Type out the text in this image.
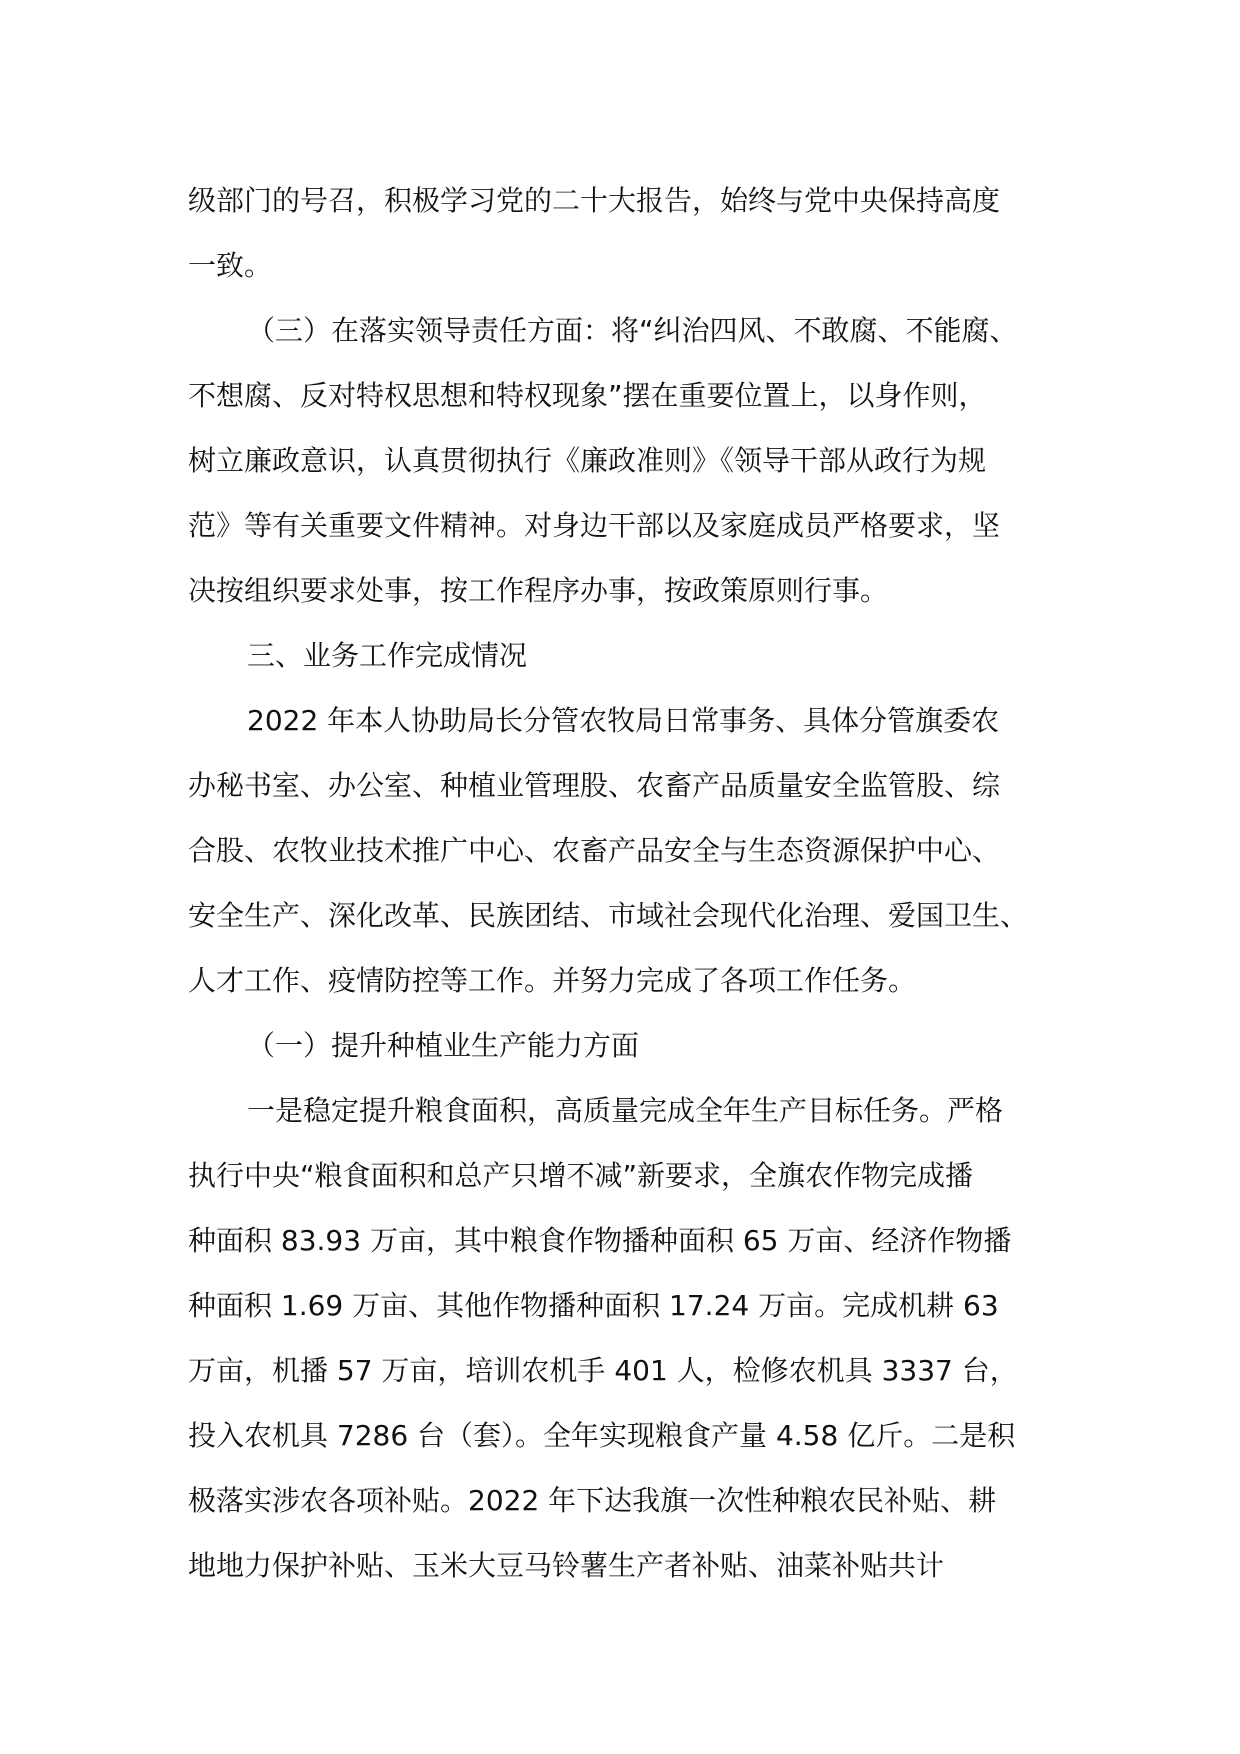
级部门的号召，积极学习党的二十大报告，始终与党中央保持高度
一致。
（三）在落实领导责任方面：将“纠治四风、不敢腐、不能腐、
不想腐、反对特权思想和特权现象”摆在重要位置上，以身作则，
树立廉政意识，认真贯彻执行《廉政准则》《领导干部从政行为规
范》等有关重要文件精神。对身边干部以及家庭成员严格要求，坚
决按组织要求处事，按工作程序办事，按政策原则行事。
三、业务工作完成情况
2022 年本人协助局长分管农牧局日常事务、具体分管旗委农
办秘书室、办公室、种植业管理股、农畜产品质量安全监管股、综
合股、农牧业技术推广中心、农畜产品安全与生态资源保护中心、
安全生产、深化改革、民族团结、市域社会现代化治理、爱国卫生、
人才工作、疫情防控等工作。并努力完成了各项工作任务。
（一）提升种植业生产能力方面
一是稳定提升粮食面积，高质量完成全年生产目标任务。严格
执行中央“粮食面积和总产只增不减”新要求，全旗农作物完成播
种面积 83.93 万亩，其中粮食作物播种面积 65 万亩、经济作物播
种面积 1.69 万亩、其他作物播种面积 17.24 万亩。完成机耕 63
万亩，机播 57 万亩，培训农机手 401 人，检修农机具 3337 台，
投入农机具 7286 台（套）。全年实现粮食产量 4.58 亿斤。二是积
极落实涉农各项补贴。2022 年下达我旗一次性种粮农民补贴、耕
地地力保护补贴、玉米大豆马铃薯生产者补贴、油菜补贴共计
